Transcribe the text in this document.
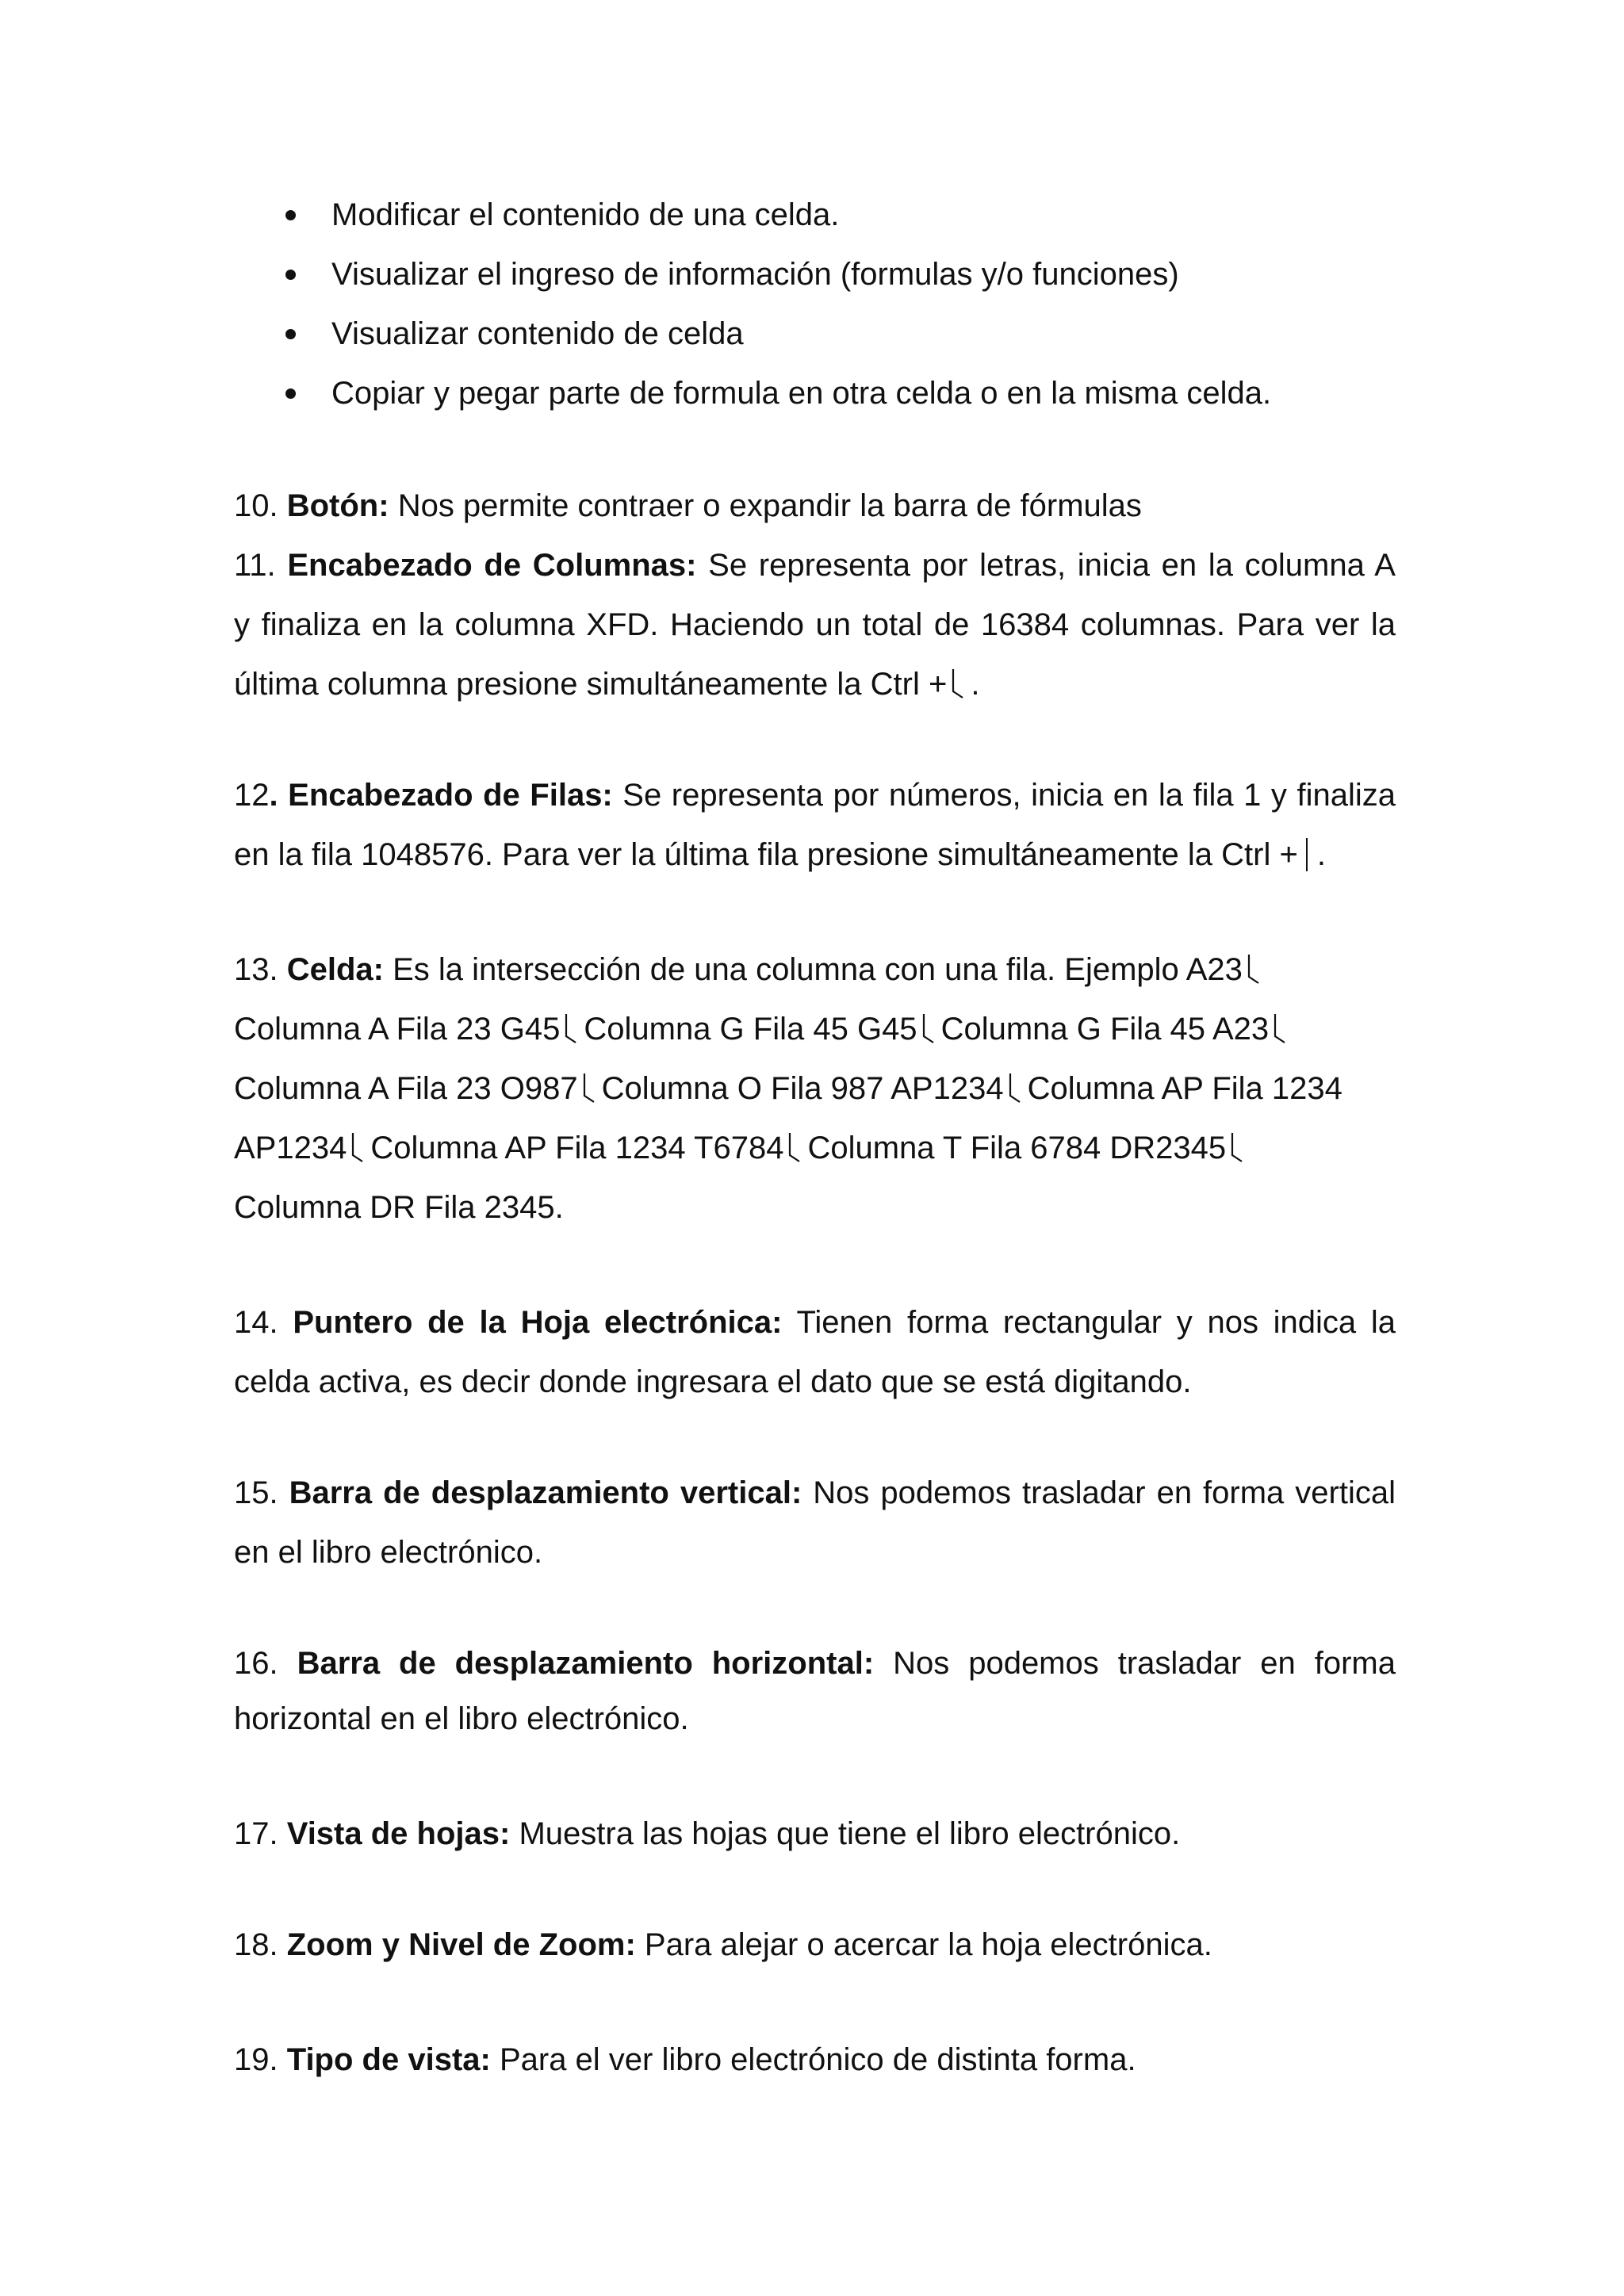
Modificar el contenido de una celda.
Visualizar el ingreso de información (formulas y/o funciones)
Visualizar contenido de celda
Copiar y pegar parte de formula en otra celda o en la misma celda.
10. Botón: Nos permite contraer o expandir la barra de fórmulas
11. Encabezado de Columnas: Se representa por letras, inicia en la columna A
y finaliza en la columna XFD. Haciendo un total de 16384 columnas. Para ver la
última columna presione simultáneamente la Ctrl + .
12. Encabezado de Filas: Se representa por números, inicia en la fila 1 y finaliza
en la fila 1048576. Para ver la última fila presione simultáneamente la Ctrl + .
13. Celda: Es la intersección de una columna con una fila. Ejemplo A23
Columna A Fila 23 G45 Columna G Fila 45 G45 Columna G Fila 45 A23
Columna A Fila 23 O987 Columna O Fila 987 AP1234 Columna AP Fila 1234
AP1234 Columna AP Fila 1234 T6784 Columna T Fila 6784 DR2345
Columna DR Fila 2345.
14. Puntero de la Hoja electrónica: Tienen forma rectangular y nos indica la
celda activa, es decir donde ingresara el dato que se está digitando.
15. Barra de desplazamiento vertical: Nos podemos trasladar en forma vertical
en el libro electrónico.
16. Barra de desplazamiento horizontal: Nos podemos trasladar en forma
horizontal en el libro electrónico.
17. Vista de hojas: Muestra las hojas que tiene el libro electrónico.
18. Zoom y Nivel de Zoom: Para alejar o acercar la hoja electrónica.
19. Tipo de vista: Para el ver libro electrónico de distinta forma.
